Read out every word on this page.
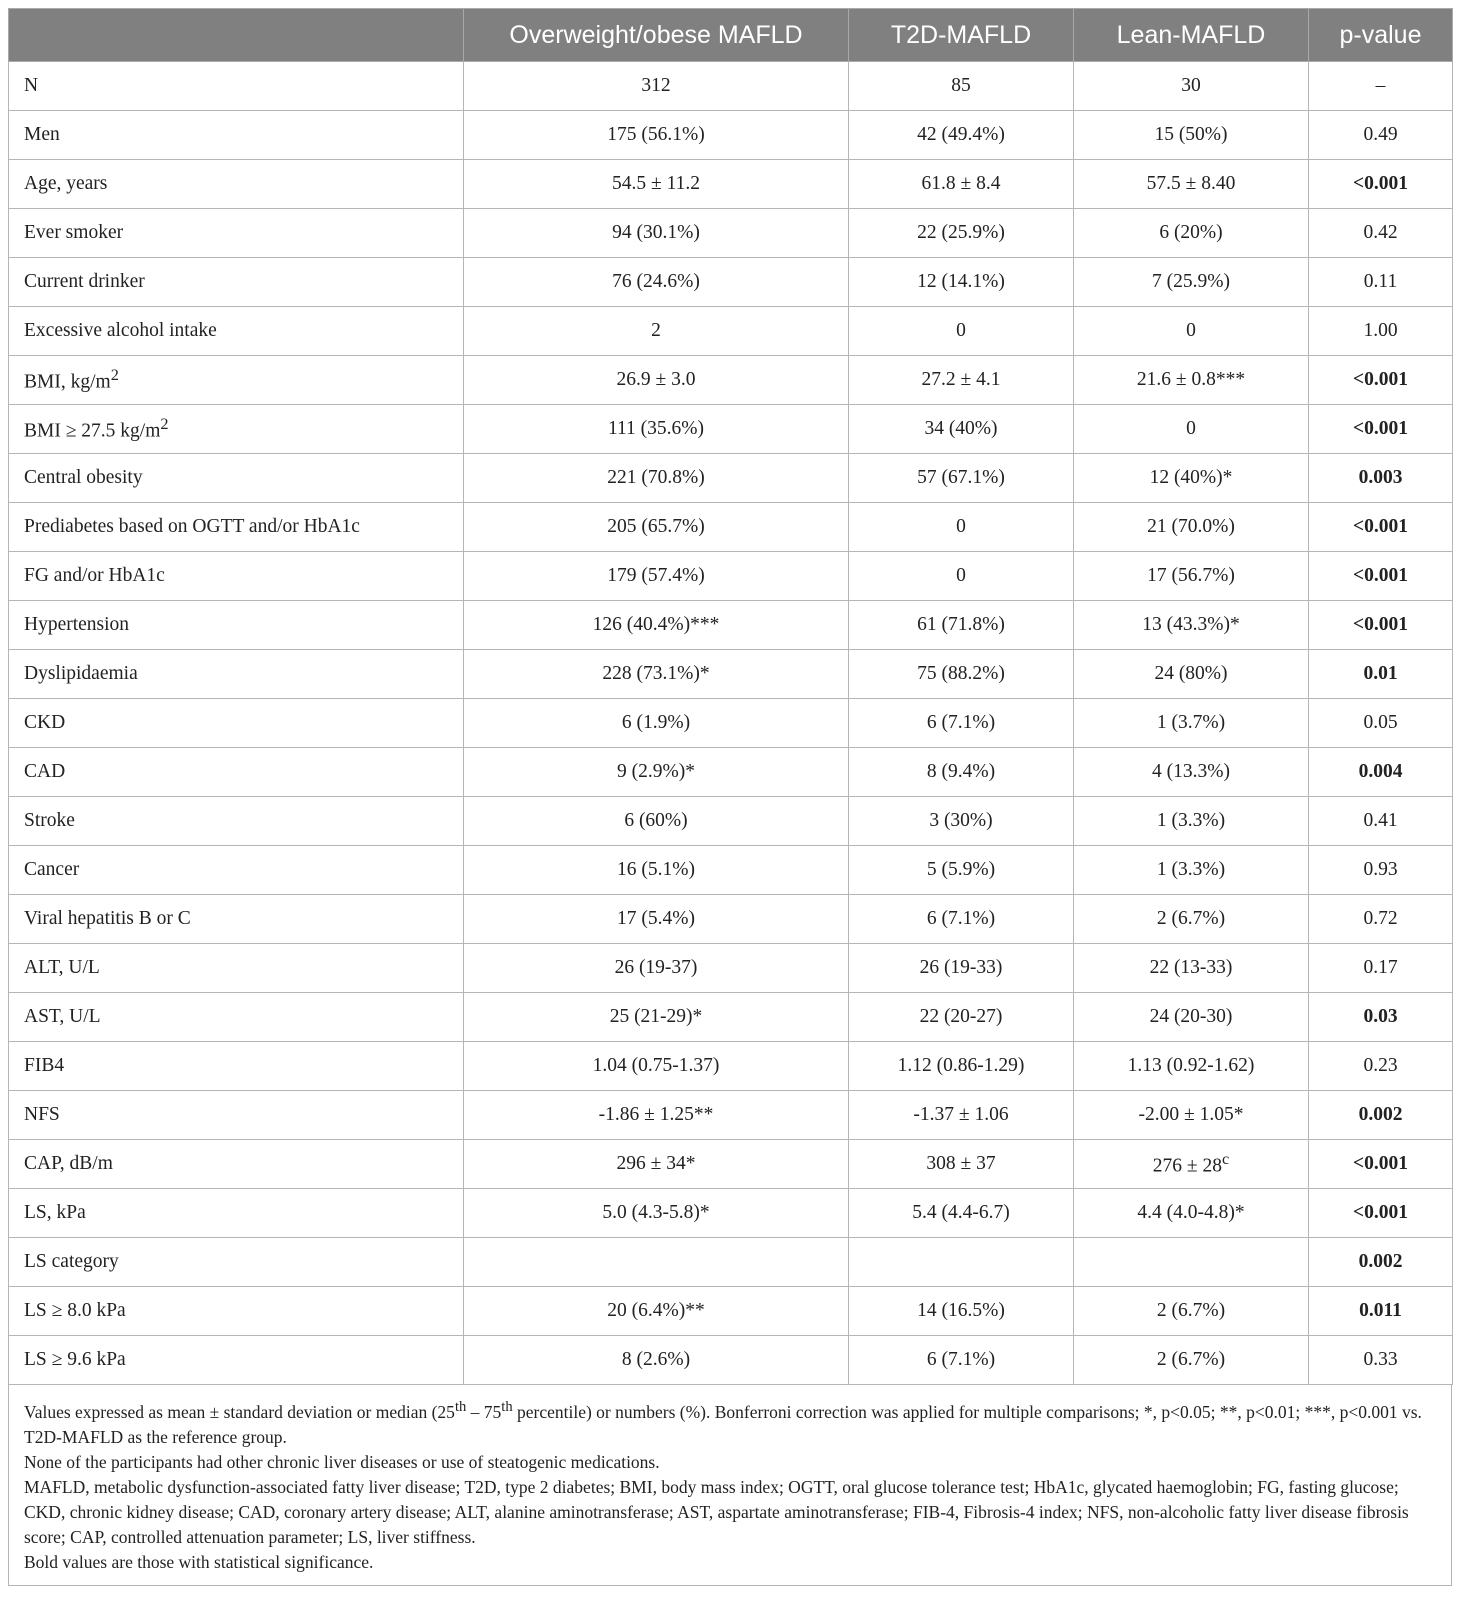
	Overweight/obese MAFLD	T2D-MAFLD	Lean-MAFLD	p-value
N	312	85	30	–
Men	175 (56.1%)	42 (49.4%)	15 (50%)	0.49
Age, years	54.5 ± 11.2	61.8 ± 8.4	57.5 ± 8.40	<0.001
Ever smoker	94 (30.1%)	22 (25.9%)	6 (20%)	0.42
Current drinker	76 (24.6%)	12 (14.1%)	7 (25.9%)	0.11
Excessive alcohol intake	2	0	0	1.00
BMI, $kg/m^2$	26.9 ± 3.0	27.2 ± 4.1	21.6 ± 0.8***	<0.001
BMI ≥ 27.5 $kg/m^2$	111 (35.6%)	34 (40%)	0	<0.001
Central obesity	221 (70.8%)	57 (67.1%)	12 (40%)*	0.003
Prediabetes based on OGTT and/or HbA1c	205 (65.7%)	0	21 (70.0%)	<0.001
FG and/or HbA1c	179 (57.4%)	0	17 (56.7%)	<0.001
Hypertension	126 (40.4%)***	61 (71.8%)	13 (43.3%)*	<0.001
Dyslipidaemia	228 (73.1%)*	75 (88.2%)	24 (80%)	0.01
CKD	6 (1.9%)	6 (7.1%)	1 (3.7%)	0.05
CAD	9 (2.9%)*	8 (9.4%)	4 (13.3%)	0.004
Stroke	6 (60%)	3 (30%)	1 (3.3%)	0.41
Cancer	16 (5.1%)	5 (5.9%)	1 (3.3%)	0.93
Viral hepatitis B or C	17 (5.4%)	6 (7.1%)	2 (6.7%)	0.72
ALT, U/L	26 (19-37)	26 (19-33)	22 (13-33)	0.17
AST, U/L	25 (21-29)*	22 (20-27)	24 (20-30)	0.03
FIB4	1.04 (0.75-1.37)	1.12 (0.86-1.29)	1.13 (0.92-1.62)	0.23
NFS	-1.86 ± 1.25**	-1.37 ± 1.06	-2.00 ± 1.05*	0.002
CAP, dB/m	296 ± 34*	308 ± 37	$276 \pm 28^c$	<0.001
LS, kPa	5.0 (4.3-5.8)*	5.4 (4.4-6.7)	4.4 (4.0-4.8)*	<0.001
LS category				0.002
LS ≥ 8.0 kPa	20 (6.4%)**	14 (16.5%)	2 (6.7%)	0.011
LS ≥ 9.6 kPa	8 (2.6%)	6 (7.1%)	2 (6.7%)	0.33

Values expressed as mean ± standard deviation or median (25th – 75th percentile) or numbers (%). Bonferroni correction was applied for multiple comparisons; *, p<0.05; **, p<0.01; ***, p<0.001 vs. T2D-MAFLD as the reference group.

None of the participants had other chronic liver diseases or use of steatogenic medications.

MAFLD, metabolic dysfunction-associated fatty liver disease; T2D, type 2 diabetes; BMI, body mass index; OGTT, oral glucose tolerance test; HbA1c, glycated haemoglobin; FG, fasting glucose; CKD, chronic kidney disease; CAD, coronary artery disease; ALT, alanine aminotransferase; AST, aspartate aminotransferase; FIB-4, Fibrosis-4 index; NFS, non-alcoholic fatty liver disease fibrosis score; CAP, controlled attenuation parameter; LS, liver stiffness.

Bold values are those with statistical significance.
